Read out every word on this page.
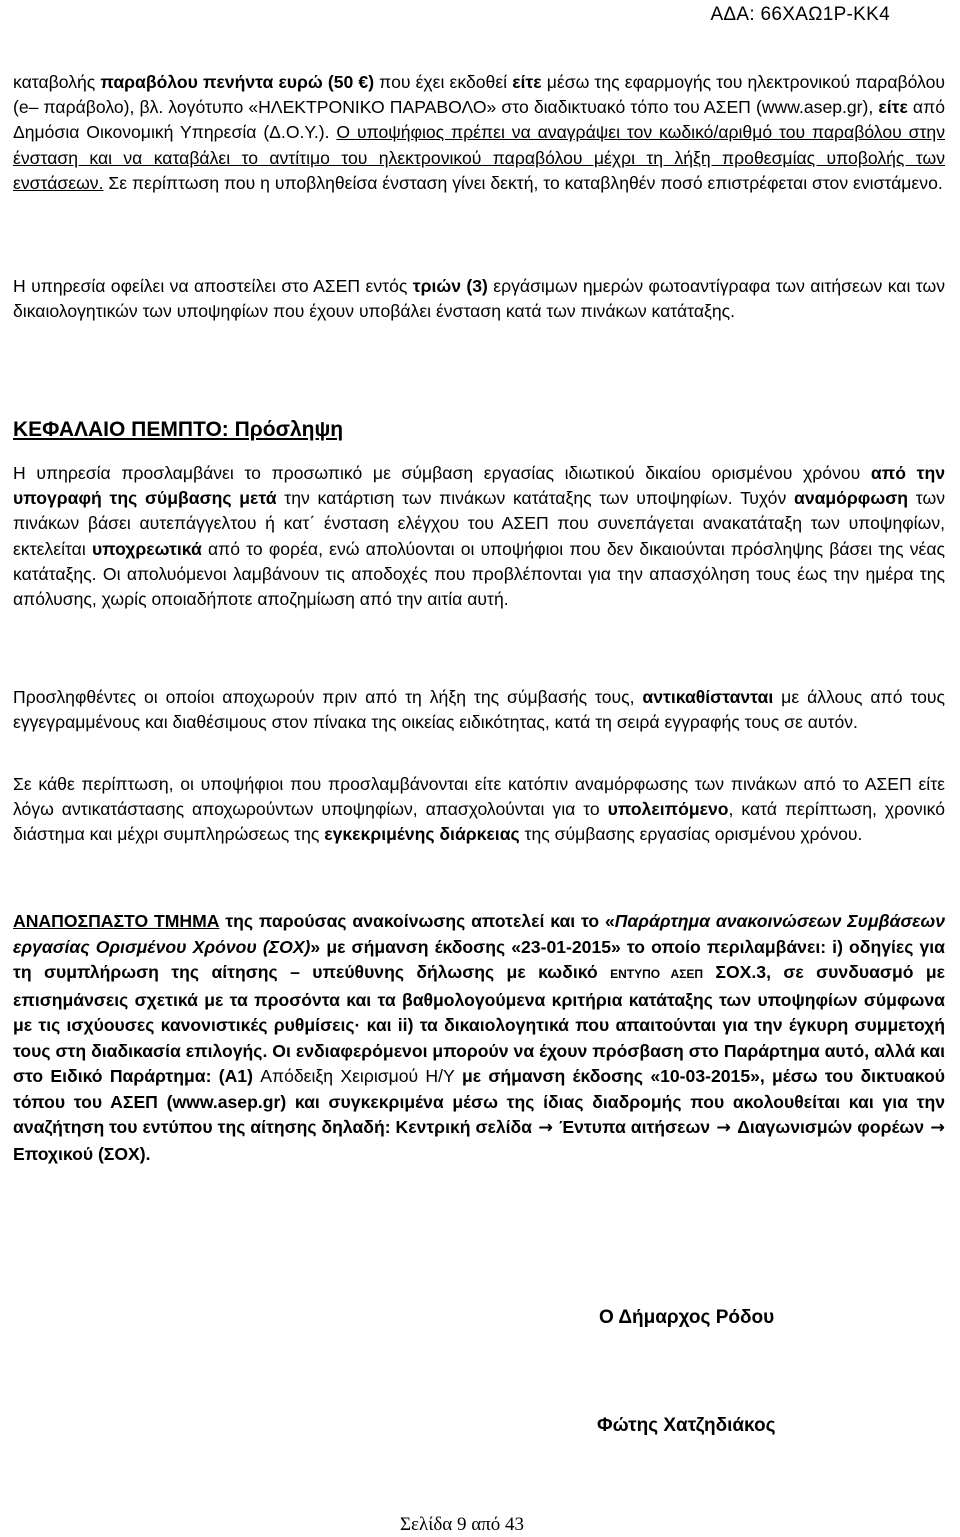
ΑΔΑ: 66ΧΑΩ1Ρ-ΚΚ4
καταβολής παραβόλου πενήντα ευρώ (50 €) που έχει εκδοθεί είτε μέσω της εφαρμογής του ηλεκτρονικού παραβόλου (e– παράβολο), βλ. λογότυπο «ΗΛΕΚΤΡΟΝΙΚΟ ΠΑΡΑΒΟΛΟ» στο διαδικτυακό τόπο του ΑΣΕΠ (www.asep.gr), είτε από Δημόσια Οικονομική Υπηρεσία (Δ.Ο.Υ.). Ο υποψήφιος πρέπει να αναγράψει τον κωδικό/αριθμό του παραβόλου στην ένσταση και να καταβάλει το αντίτιμο του ηλεκτρονικού παραβόλου μέχρι τη λήξη προθεσμίας υποβολής των ενστάσεων. Σε περίπτωση που η υποβληθείσα ένσταση γίνει δεκτή, το καταβληθέν ποσό επιστρέφεται στον ενιστάμενο.
Η υπηρεσία οφείλει να αποστείλει στο ΑΣΕΠ εντός τριών (3) εργάσιμων ημερών φωτοαντίγραφα των αιτήσεων και των δικαιολογητικών των υποψηφίων που έχουν υποβάλει ένσταση κατά των πινάκων κατάταξης.
ΚΕΦΑΛΑΙΟ ΠΕΜΠΤΟ: Πρόσληψη
Η υπηρεσία προσλαμβάνει το προσωπικό με σύμβαση εργασίας ιδιωτικού δικαίου ορισμένου χρόνου από την υπογραφή της σύμβασης μετά την κατάρτιση των πινάκων κατάταξης των υποψηφίων. Τυχόν αναμόρφωση των πινάκων βάσει αυτεπάγγελτου ή κατ΄ ένσταση ελέγχου του ΑΣΕΠ που συνεπάγεται ανακατάταξη των υποψηφίων, εκτελείται υποχρεωτικά από το φορέα, ενώ απολύονται οι υποψήφιοι που δεν δικαιούνται πρόσληψης βάσει της νέας κατάταξης. Οι απολυόμενοι λαμβάνουν τις αποδοχές που προβλέπονται για την απασχόληση τους έως την ημέρα της απόλυσης, χωρίς οποιαδήποτε αποζημίωση από την αιτία αυτή.
Προσληφθέντες οι οποίοι αποχωρούν πριν από τη λήξη της σύμβασής τους, αντικαθίστανται με άλλους από τους εγγεγραμμένους και διαθέσιμους στον πίνακα της οικείας ειδικότητας, κατά τη σειρά εγγραφής τους σε αυτόν.
Σε κάθε περίπτωση, οι υποψήφιοι που προσλαμβάνονται είτε κατόπιν αναμόρφωσης των πινάκων από το ΑΣΕΠ είτε λόγω αντικατάστασης αποχωρούντων υποψηφίων, απασχολούνται για το υπολειπόμενο, κατά περίπτωση, χρονικό διάστημα και μέχρι συμπληρώσεως της εγκεκριμένης διάρκειας της σύμβασης εργασίας ορισμένου χρόνου.
ΑΝΑΠΟΣΠΑΣΤΟ ΤΜΗΜΑ της παρούσας ανακοίνωσης αποτελεί και το «Παράρτημα ανακοινώσεων Συμβάσεων εργασίας Ορισμένου Χρόνου (ΣΟΧ)» με σήμανση έκδοσης «23-01-2015» το οποίο περιλαμβάνει: i) οδηγίες για τη συμπλήρωση της αίτησης – υπεύθυνης δήλωσης με κωδικό ΕΝΤΥΠΟ ΑΣΕΠ ΣΟΧ.3, σε συνδυασμό με επισημάνσεις σχετικά με τα προσόντα και τα βαθμολογούμενα κριτήρια κατάταξης των υποψηφίων σύμφωνα με τις ισχύουσες κανονιστικές ρυθμίσεις· και ii) τα δικαιολογητικά που απαιτούνται για την έγκυρη συμμετοχή τους στη διαδικασία επιλογής. Οι ενδιαφερόμενοι μπορούν να έχουν πρόσβαση στο Παράρτημα αυτό, αλλά και στο Ειδικό Παράρτημα: (Α1) Απόδειξη Χειρισμού Η/Υ με σήμανση έκδοσης «10-03-2015», μέσω του δικτυακού τόπου του ΑΣΕΠ (www.asep.gr) και συγκεκριμένα μέσω της ίδιας διαδρομής που ακολουθείται και για την αναζήτηση του εντύπου της αίτησης δηλαδή: Κεντρική σελίδα → Έντυπα αιτήσεων → Διαγωνισμών φορέων → Εποχικού (ΣΟΧ).
Ο Δήμαρχος Ρόδου
Φώτης Χατζηδιάκος
Σελίδα 9 από 43
